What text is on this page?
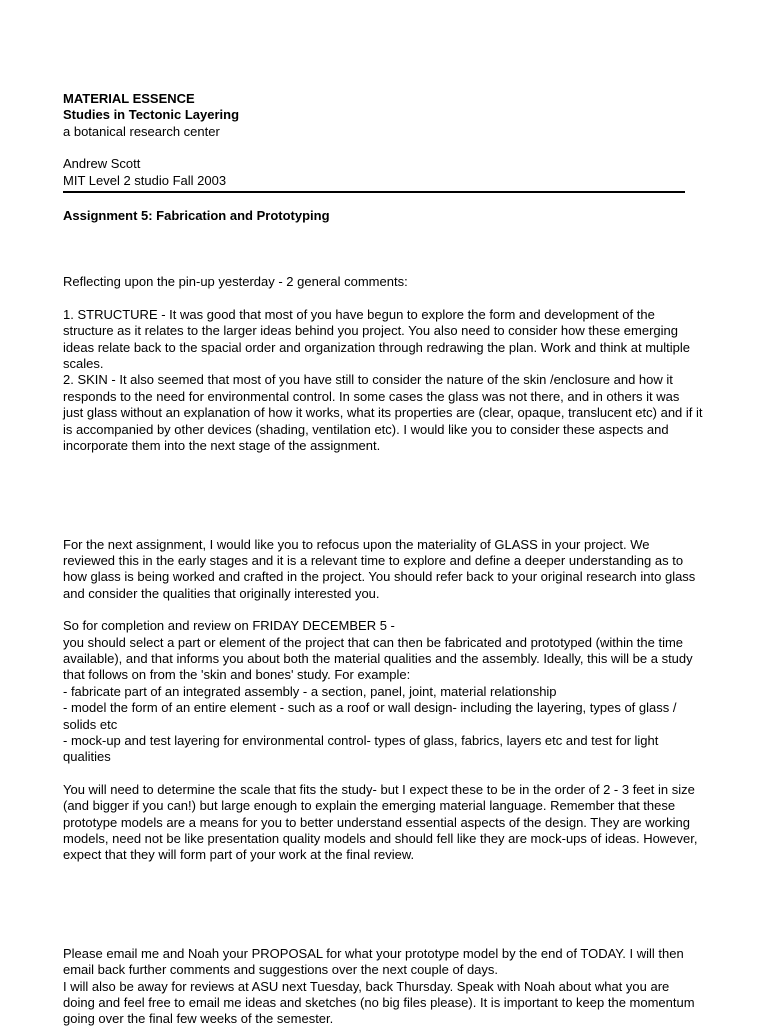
MATERIAL ESSENCE

Studies in Tectonic Layering

a botanical research center

Andrew Scott

MIT Level 2 studio Fall 2003

Assignment 5: Fabrication and Prototyping

Reflecting upon the pin-up yesterday - 2 general comments:

1. STRUCTURE - It was good that most of you have begun to explore the form and development of the structure as it relates to the larger ideas behind you project. You also need to consider how these emerging ideas relate back to the spacial order and organization through redrawing the plan. Work and think at multiple scales.

2. SKIN - It also seemed that most of you have still to consider the nature of the skin /enclosure and how it responds to the need for environmental control. In some cases the glass was not there, and in others it was just glass without an explanation of how it works, what its properties are (clear, opaque, translucent etc) and if it is accompanied by other devices (shading, ventilation etc). I would like you to consider these aspects and incorporate them into the next stage of the assignment.

For the next assignment, I would like you to refocus upon the materiality of GLASS in your project. We reviewed this in the early stages and it is a relevant time to explore and define a deeper understanding as to how glass is being worked and crafted in the project. You should refer back to your original research into glass and consider the qualities that originally interested you.

So for completion and review on FRIDAY DECEMBER 5 -

you should select a part or element of the project that can then be fabricated and prototyped (within the time available), and that informs you about both the material qualities and the assembly. Ideally, this will be a study that follows on from the 'skin and bones' study. For example:

- fabricate part of an integrated assembly - a section, panel, joint, material relationship

- model the form of an entire element - such as a roof or wall design- including the layering, types of glass / solids etc

- mock-up and test layering for environmental control- types of glass, fabrics, layers etc and test for light qualities

You will need to determine the scale that fits the study- but I expect these to be in the order of 2 - 3 feet in size (and bigger if you can!) but large enough to explain the emerging material language. Remember that these prototype models are a means for you to better understand essential aspects of the design. They are working models, need not be like presentation quality models and should fell like they are mock-ups of ideas. However, expect that they will form part of your work at the final review.

Please email me and Noah your PROPOSAL for what your prototype model by the end of TODAY. I will then email back further comments and suggestions over the next couple of days.

I will also be away for reviews at ASU next Tuesday, back Thursday. Speak with Noah about what you are doing and feel free to email me ideas and sketches (no big files please). It is important to keep the momentum going over the final few weeks of the semester.
